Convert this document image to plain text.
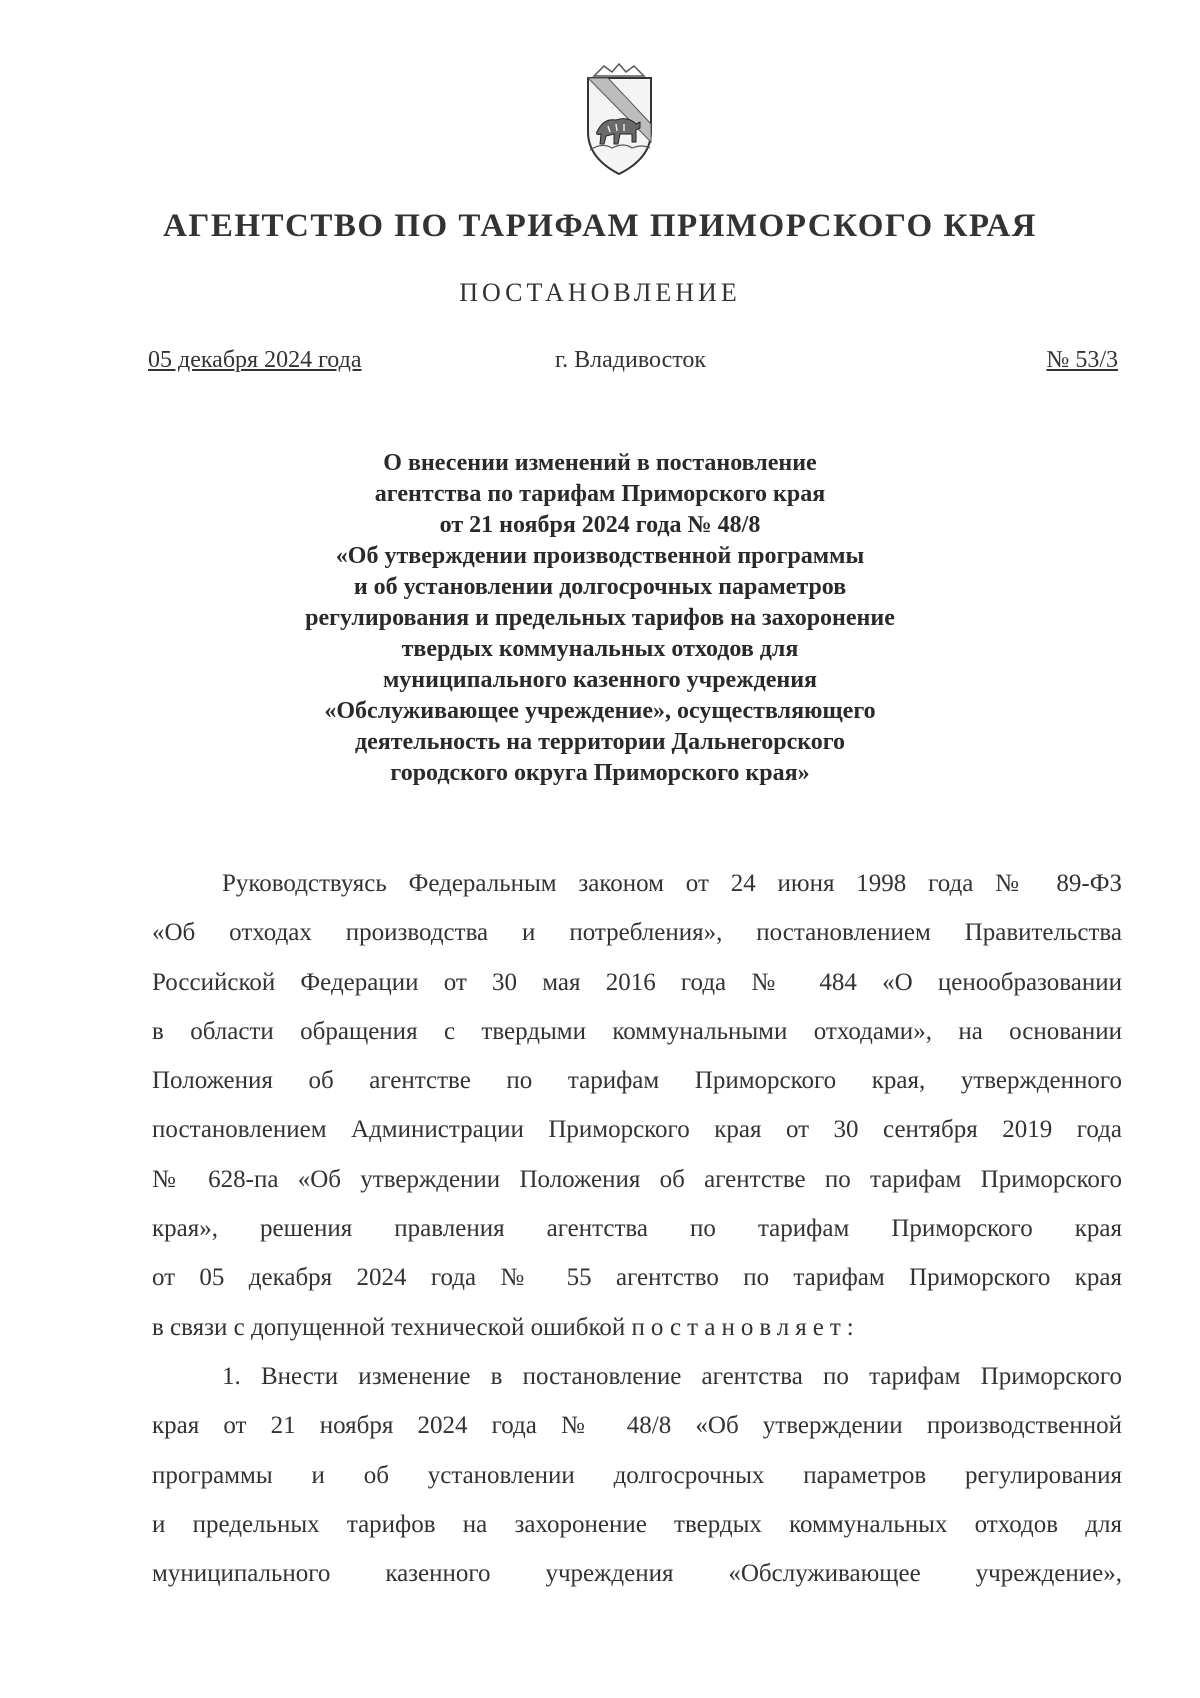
АГЕНТСТВО ПО ТАРИФАМ ПРИМОРСКОГО КРАЯ
ПОСТАНОВЛЕНИЕ
05 декабря 2024 года	г. Владивосток	№ 53/3
О внесении изменений в постановление
агентства по тарифам Приморского края
от 21 ноября 2024 года № 48/8
«Об утверждении производственной программы
и об установлении долгосрочных параметров
регулирования и предельных тарифов на захоронение
твердых коммунальных отходов для
муниципального казенного учреждения
«Обслуживающее учреждение», осуществляющего
деятельность на территории Дальнегорского
городского округа Приморского края»
Руководствуясь Федеральным законом от 24 июня 1998 года № 89-ФЗ
«Об отходах производства и потребления», постановлением Правительства
Российской Федерации от 30 мая 2016 года № 484 «О ценообразовании
в области обращения с твердыми коммунальными отходами», на основании
Положения об агентстве по тарифам Приморского края, утвержденного
постановлением Администрации Приморского края от 30 сентября 2019 года
№ 628-па «Об утверждении Положения об агентстве по тарифам Приморского
края», решения правления агентства по тарифам Приморского края
от 05 декабря 2024 года № 55 агентство по тарифам Приморского края
в связи с допущенной технической ошибкой постановляет:
1. Внести изменение в постановление агентства по тарифам Приморского
края от 21 ноября 2024 года № 48/8 «Об утверждении производственной
программы и об установлении долгосрочных параметров регулирования
и предельных тарифов на захоронение твердых коммунальных отходов для
муниципального казенного учреждения «Обслуживающее учреждение»,
